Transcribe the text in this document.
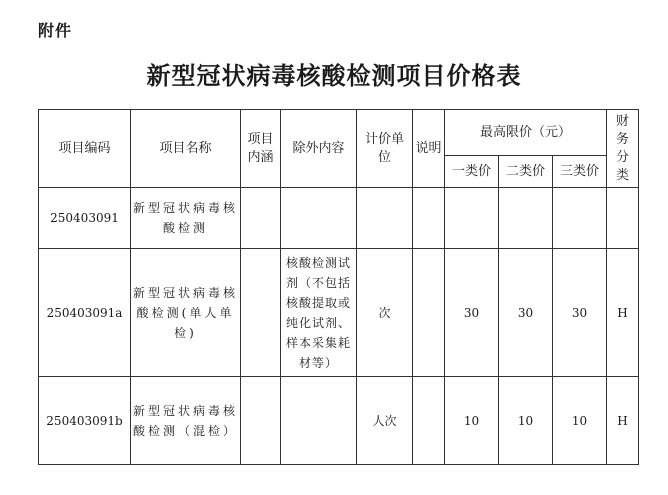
附件
新型冠状病毒核酸检测项目价格表
项目编码	项目名称	项目内涵	除外内容	计价单位	说明	最高限价（元）			财务分类
						一类价	二类价	三类价	
250403091	新型冠状病毒核酸检测								
250403091a	新型冠状病毒核酸检测(单人单检)		核酸检测试剂（不包括核酸提取或纯化试剂、样本采集耗材等）	次		30	30	30	H
250403091b	新型冠状病毒核酸检测（混检）			人次		10	10	10	H
